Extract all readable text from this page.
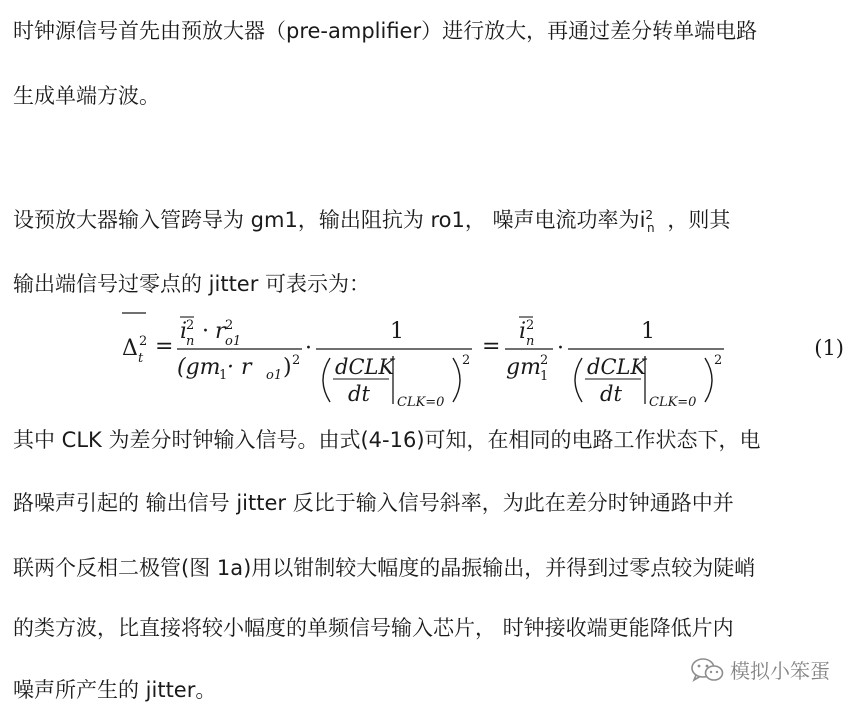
时钟源信号首先由预放大器（pre-amplifier）进行放大，再通过差分转单端电路
生成单端方波。
设预放大器输入管跨导为 gm1，输出阻抗为 ro1， 噪声电流功率为$i^2_n$ ，则其
输出端信号过零点的 jitter 可表示为：
Δ 2
t =
i
2
n · r 2
o1
(gm
1 · r o1 ) 2 ·
1
dCLK
dt CLK=0
2
=
i 2
n
gm 2
1
·
1
dCLK
dt CLK=0
2
(1)
其中 CLK 为差分时钟输入信号。由式(4-16)可知，在相同的电路工作状态下，电
路噪声引起的 输出信号 jitter 反比于输入信号斜率，为此在差分时钟通路中并
联两个反相二极管(图 1a)用以钳制较大幅度的晶振输出，并得到过零点较为陡峭
的类方波，比直接将较小幅度的单频信号输入芯片， 时钟接收端更能降低片内
噪声所产生的 jitter。
模拟小笨蛋
